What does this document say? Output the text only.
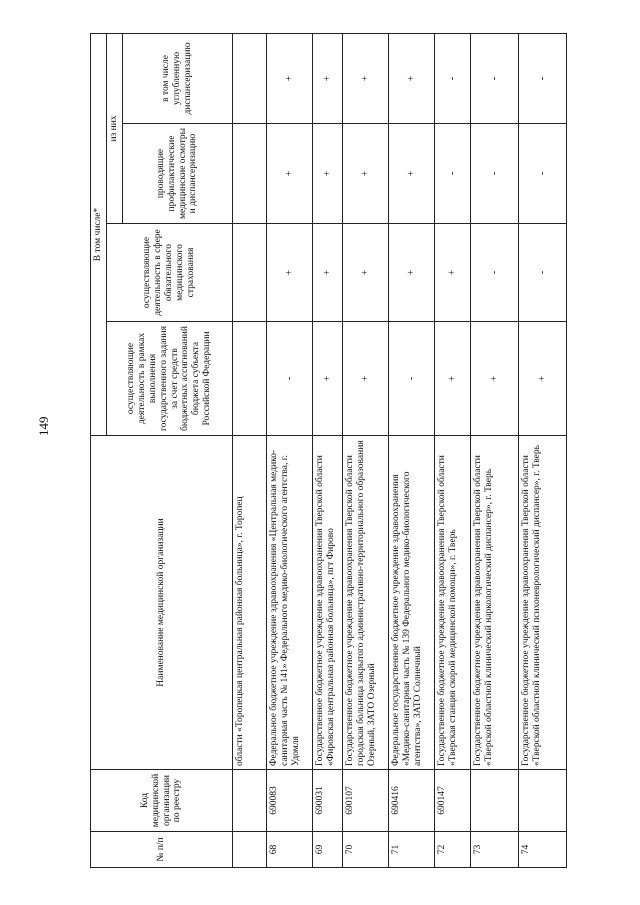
149
№ п/п	Код медицинской организации по реестру	Наименование медицинской организации	В том числе*			
			осуществляющие деятельность в рамках выполнения государственного задания за счет средств бюджетных ассигнований бюджета субъекта Российской Федерации	осуществляющие деятельность в сфере обязательного медицинского страхования	из них	
					проводящие профилактические медицинские осмотры и диспансеризацию	в том числе углубленную диспансеризацию
		области «Торопецкая центральная районная больница», г. Торопец				
68	690083	Федеральное бюджетное учреждение здравоохранения «Центральная медико-санитарная часть № 141» Федерального медико-биологического агентства, г. Удомля	-	+	+	+
69	690031	Государственное бюджетное учреждение здравоохранения Тверской области «Фировская центральная районная больница», пгт Фирово	+	+	+	+
70	690107	Государственное бюджетное учреждение здравоохранения Тверской области городская больница закрытого административно-территориального образования Озерный, ЗАТО Озерный	+	+	+	+
71	690416	Федеральное государственное бюджетное учреждение здравоохранения «Медико-санитарная часть № 139 Федерального медико-биологического агентства», ЗАТО Солнечный	-	+	+	+
72	690147	Государственное бюджетное учреждение здравоохранения Тверской области «Тверская станция скорой медицинской помощи», г. Тверь	+	+	-	-
73		Государственное бюджетное учреждение здравоохранения Тверской области «Тверской областной клинический наркологический диспансер», г. Тверь	+	-	-	-
74		Государственное бюджетное учреждение здравоохранения Тверской области «Тверской областной клинический психоневрологический диспансер», г. Тверь	+	-	-	-
